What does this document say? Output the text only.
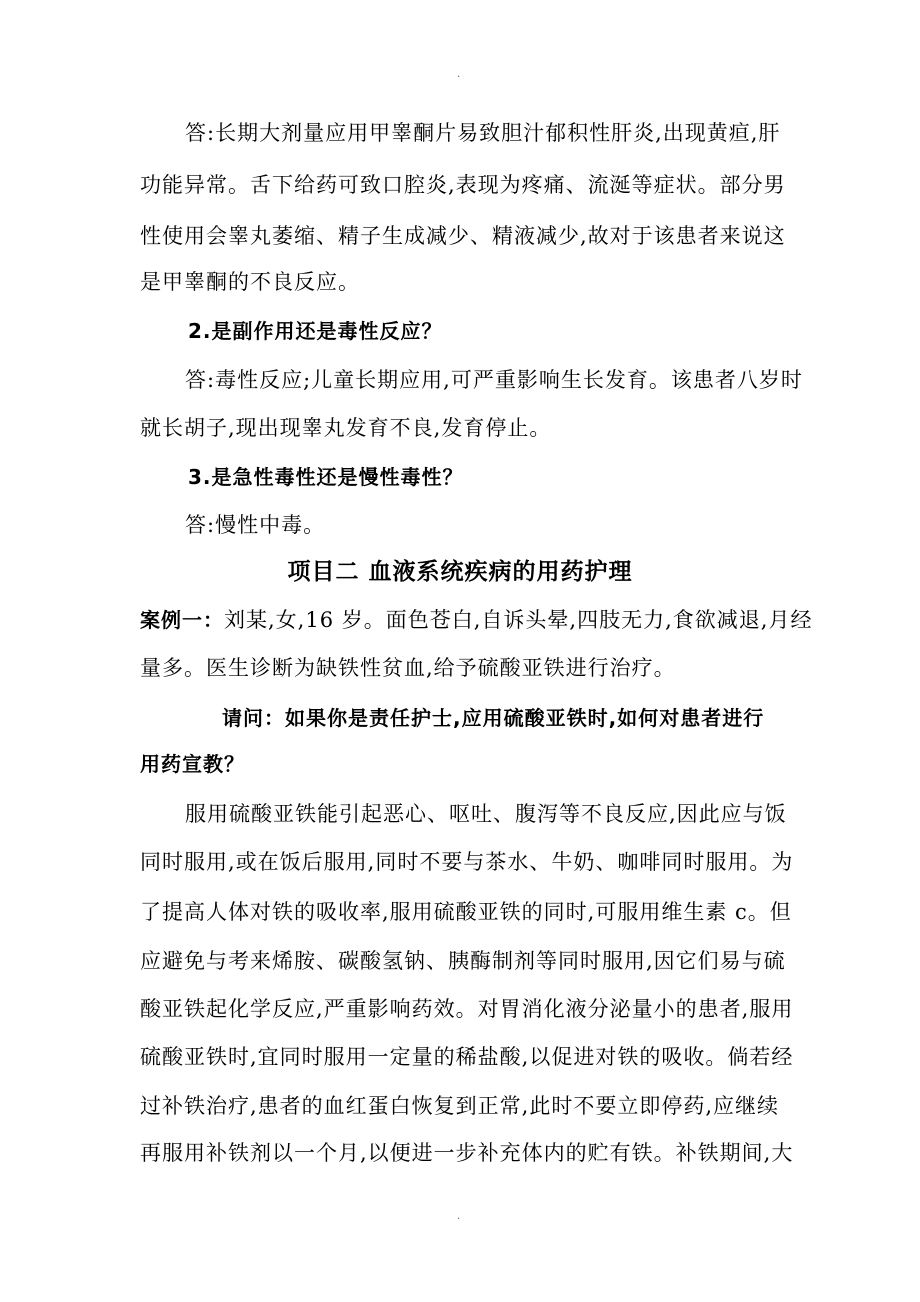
.
答:长期大剂量应用甲睾酮片易致胆汁郁积性肝炎,出现黄疸,肝
功能异常。舌下给药可致口腔炎,表现为疼痛、流涎等症状。部分男
性使用会睾丸萎缩、精子生成减少、精液减少,故对于该患者来说这
是甲睾酮的不良反应。
2.是副作用还是毒性反应？
答:毒性反应;儿童长期应用,可严重影响生长发育。该患者八岁时
就长胡子,现出现睾丸发育不良,发育停止。
3.是急性毒性还是慢性毒性？
答:慢性中毒。
项目二 血液系统疾病的用药护理
案例一：刘某,女,16 岁。面色苍白,自诉头晕,四肢无力,食欲减退,月经
量多。医生诊断为缺铁性贫血,给予硫酸亚铁进行治疗。
请问：如果你是责任护士,应用硫酸亚铁时,如何对患者进行
用药宣教？
服用硫酸亚铁能引起恶心、呕吐、腹泻等不良反应,因此应与饭
同时服用,或在饭后服用,同时不要与茶水、牛奶、咖啡同时服用。为
了提高人体对铁的吸收率,服用硫酸亚铁的同时,可服用维生素 c。但
应避免与考来烯胺、碳酸氢钠、胰酶制剂等同时服用,因它们易与硫
酸亚铁起化学反应,严重影响药效。对胃消化液分泌量小的患者,服用
硫酸亚铁时,宜同时服用一定量的稀盐酸,以促进对铁的吸收。倘若经
过补铁治疗,患者的血红蛋白恢复到正常,此时不要立即停药,应继续
再服用补铁剂以一个月,以便进一步补充体内的贮有铁。补铁期间,大
.
